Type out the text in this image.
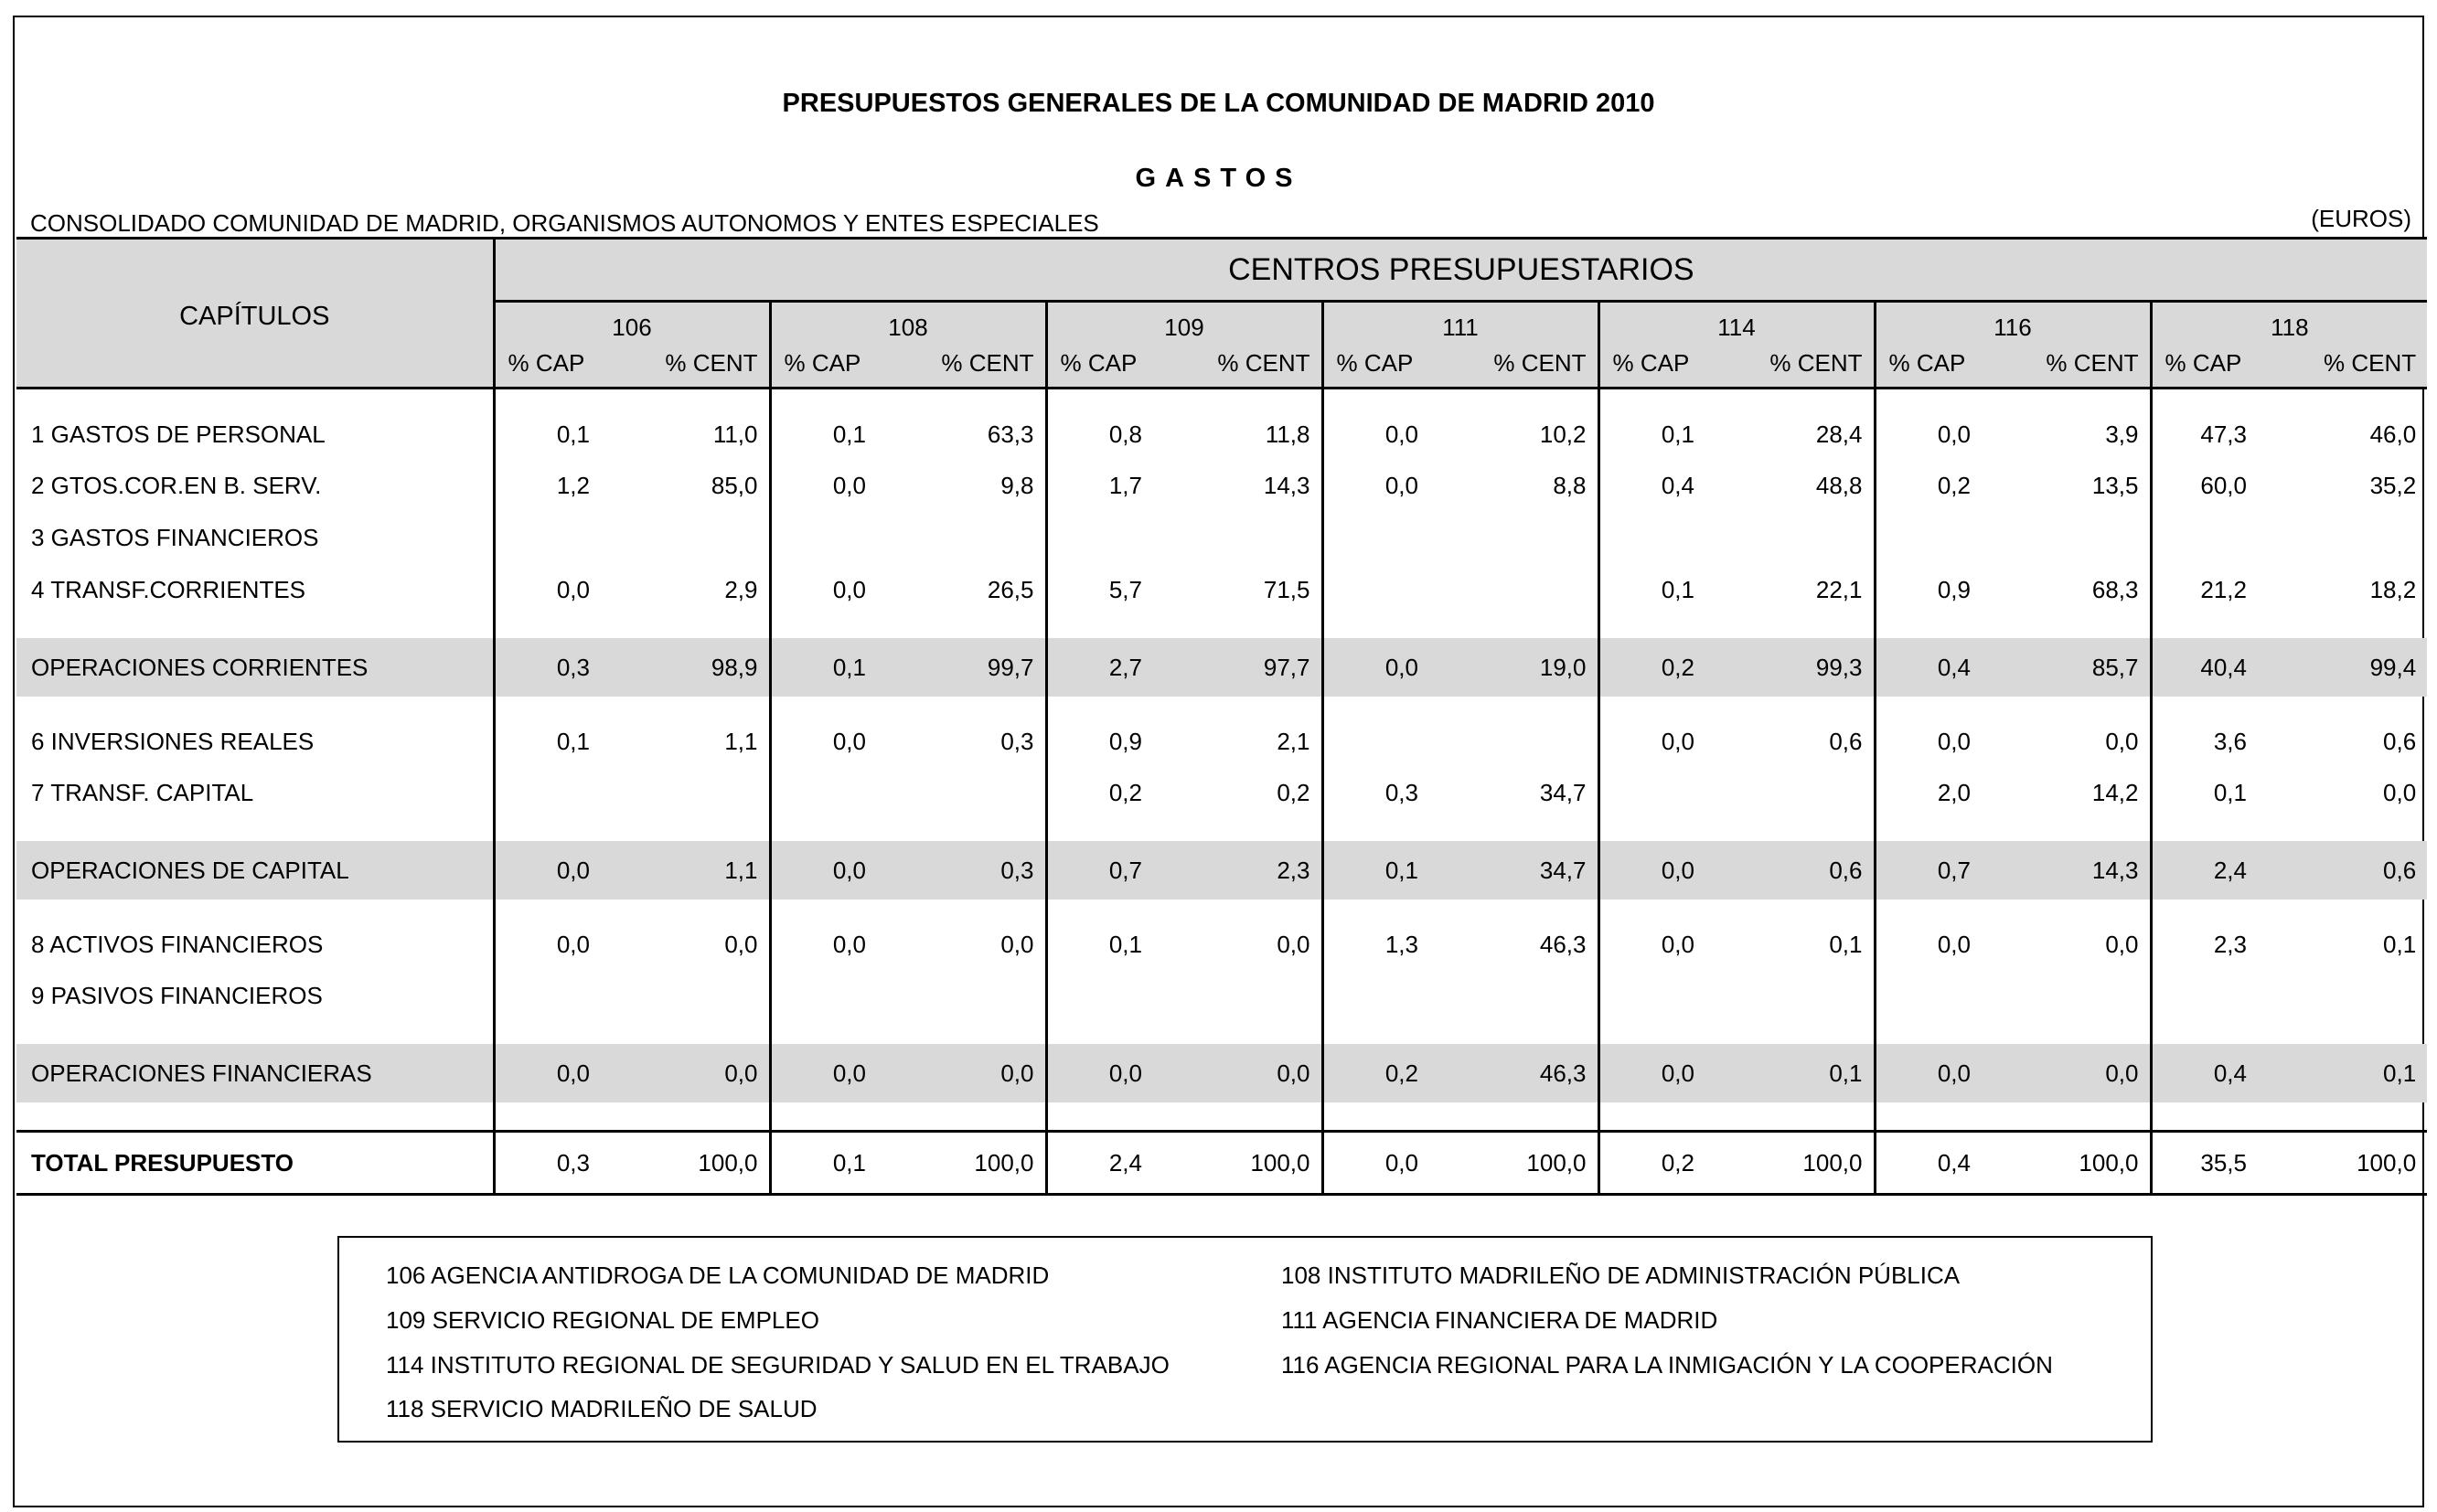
PRESUPUESTOS GENERALES DE LA COMUNIDAD DE MADRID 2010
GASTOS
CONSOLIDADO COMUNIDAD DE MADRID, ORGANISMOS AUTONOMOS Y ENTES ESPECIALES	(EUROS)
CAPÍTULOS	CENTROS PRESUPUESTARIOS													
	106		108		109		111		114		116		118	
	% CAP	% CENT	% CAP	% CENT	% CAP	% CENT	% CAP	% CENT	% CAP	% CENT	% CAP	% CENT	% CAP	% CENT
1 GASTOS DE PERSONAL	0,1	11,0	0,1	63,3	0,8	11,8	0,0	10,2	0,1	28,4	0,0	3,9	47,3	46,0
2 GTOS.COR.EN B. SERV.	1,2	85,0	0,0	9,8	1,7	14,3	0,0	8,8	0,4	48,8	0,2	13,5	60,0	35,2
3 GASTOS FINANCIEROS														
4 TRANSF.CORRIENTES	0,0	2,9	0,0	26,5	5,7	71,5			0,1	22,1	0,9	68,3	21,2	18,2

OPERACIONES CORRIENTES	0,3	98,9	0,1	99,7	2,7	97,7	0,0	19,0	0,2	99,3	0,4	85,7	40,4	99,4
6 INVERSIONES REALES	0,1	1,1	0,0	0,3	0,9	2,1			0,0	0,6	0,0	0,0	3,6	0,6
7 TRANSF. CAPITAL					0,2	0,2	0,3	34,7			2,0	14,2	0,1	0,0

OPERACIONES DE CAPITAL	0,0	1,1	0,0	0,3	0,7	2,3	0,1	34,7	0,0	0,6	0,7	14,3	2,4	0,6
8 ACTIVOS FINANCIEROS	0,0	0,0	0,0	0,0	0,1	0,0	1,3	46,3	0,0	0,1	0,0	0,0	2,3	0,1
9 PASIVOS FINANCIEROS														

OPERACIONES FINANCIERAS	0,0	0,0	0,0	0,0	0,0	0,0	0,2	46,3	0,0	0,1	0,0	0,0	0,4	0,1

TOTAL PRESUPUESTO	0,3	100,0	0,1	100,0	2,4	100,0	0,0	100,0	0,2	100,0	0,4	100,0	35,5	100,0
106 AGENCIA ANTIDROGA DE LA COMUNIDAD DE MADRID	108 INSTITUTO MADRILEÑO DE ADMINISTRACIÓN PÚBLICA
109 SERVICIO REGIONAL DE EMPLEO	111 AGENCIA FINANCIERA DE MADRID
114 INSTITUTO REGIONAL DE SEGURIDAD Y SALUD EN EL TRABAJO	116 AGENCIA REGIONAL PARA LA INMIGACIÓN Y LA COOPERACIÓN
118 SERVICIO MADRILEÑO DE SALUD
